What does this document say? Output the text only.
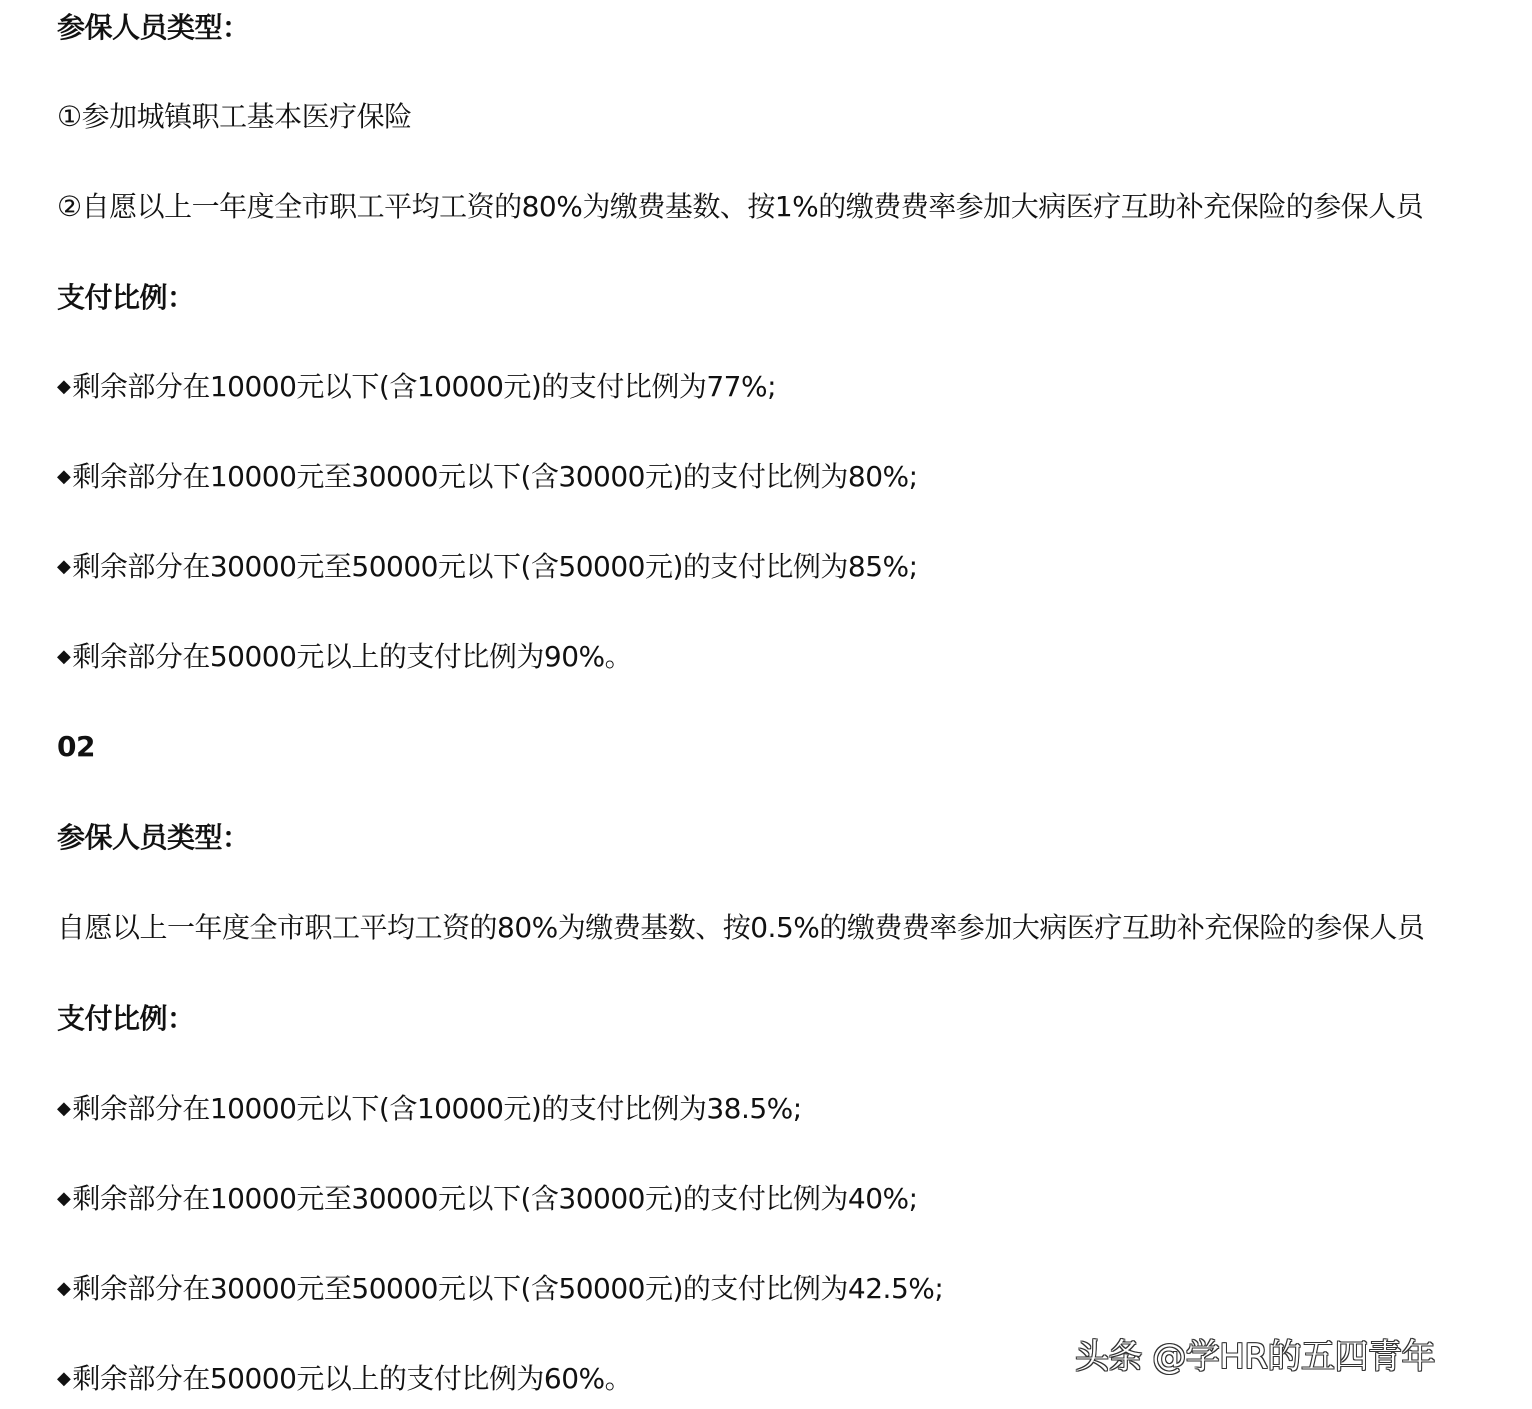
参保人员类型：
①参加城镇职工基本医疗保险
②自愿以上一年度全市职工平均工资的80%为缴费基数、按1%的缴费费率参加大病医疗互助补充保险的参保人员
支付比例：
◆剩余部分在10000元以下(含10000元)的支付比例为77%;
◆剩余部分在10000元至30000元以下(含30000元)的支付比例为80%;
◆剩余部分在30000元至50000元以下(含50000元)的支付比例为85%;
◆剩余部分在50000元以上的支付比例为90%。
02
参保人员类型：
自愿以上一年度全市职工平均工资的80%为缴费基数、按0.5%的缴费费率参加大病医疗互助补充保险的参保人员
支付比例：
◆剩余部分在10000元以下(含10000元)的支付比例为38.5%;
◆剩余部分在10000元至30000元以下(含30000元)的支付比例为40%;
◆剩余部分在30000元至50000元以下(含50000元)的支付比例为42.5%;
◆剩余部分在50000元以上的支付比例为60%。
头条 @学HR的五四青年
